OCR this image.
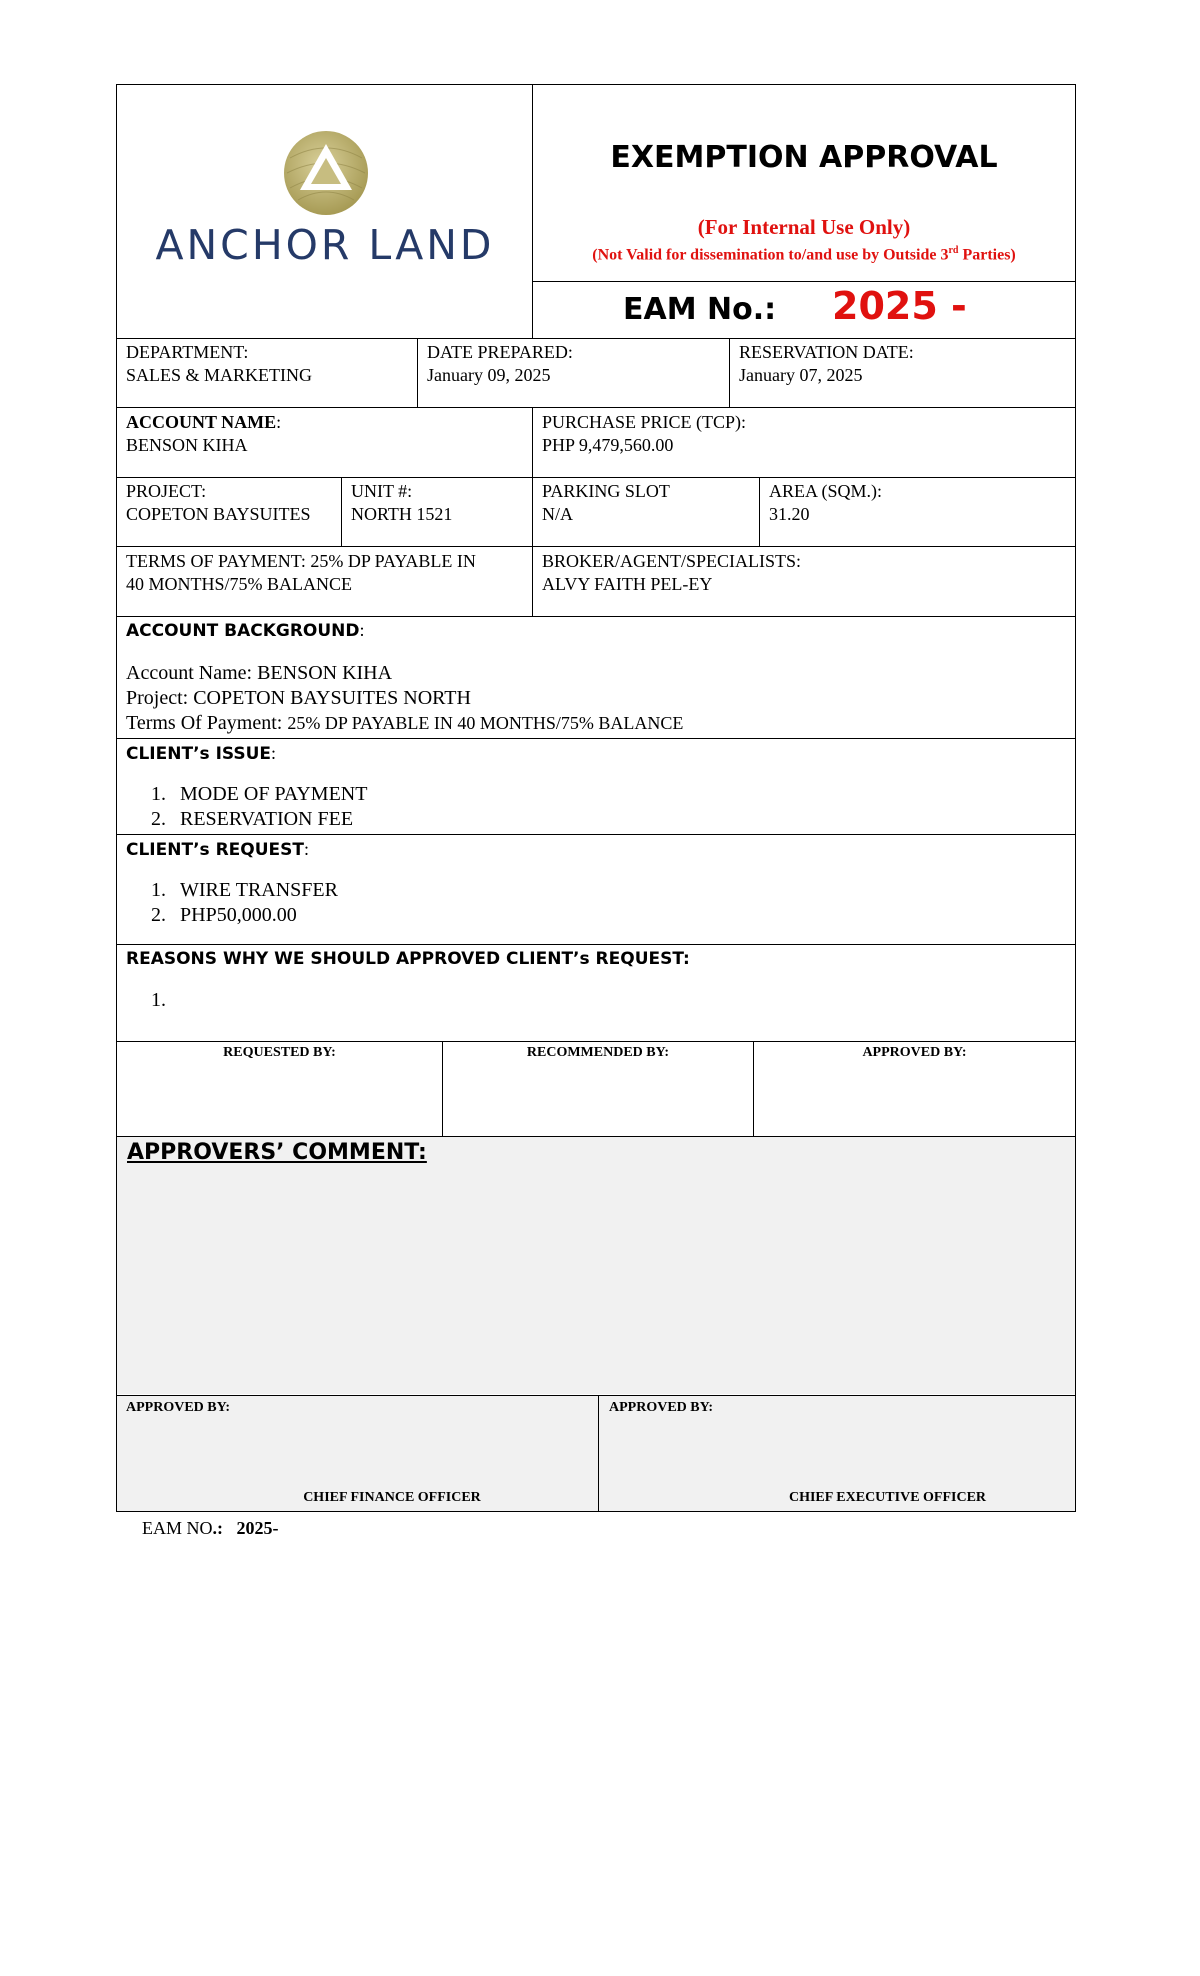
ANCHOR LAND
EXEMPTION APPROVAL
(For Internal Use Only)
(Not Valid for dissemination to/and use by Outside 3rd Parties)
EAM No.: 2025 -
DEPARTMENT:
SALES & MARKETING
DATE PREPARED:
January 09, 2025
RESERVATION DATE:
January 07, 2025
ACCOUNT NAME:
BENSON KIHA
PURCHASE PRICE (TCP):
PHP 9,479,560.00
PROJECT:
COPETON BAYSUITES
UNIT #:
NORTH 1521
PARKING SLOT
N/A
AREA (SQM.):
31.20
TERMS OF PAYMENT: 25% DP PAYABLE IN
40 MONTHS/75% BALANCE
BROKER/AGENT/SPECIALISTS:
ALVY FAITH PEL-EY
ACCOUNT BACKGROUND:
Account Name: BENSON KIHA
Project: COPETON BAYSUITES NORTH
Terms Of Payment: 25% DP PAYABLE IN 40 MONTHS/75% BALANCE
CLIENT’s ISSUE:
1. MODE OF PAYMENT
2. RESERVATION FEE
CLIENT’s REQUEST:
1. WIRE TRANSFER
2. PHP50,000.00
REASONS WHY WE SHOULD APPROVED CLIENT’s REQUEST:
1.
REQUESTED BY:	RECOMMENDED BY:	APPROVED BY:
APPROVERS’ COMMENT:
APPROVED BY:
CHIEF FINANCE OFFICER
APPROVED BY:
CHIEF EXECUTIVE OFFICER
EAM NO.: 2025-
